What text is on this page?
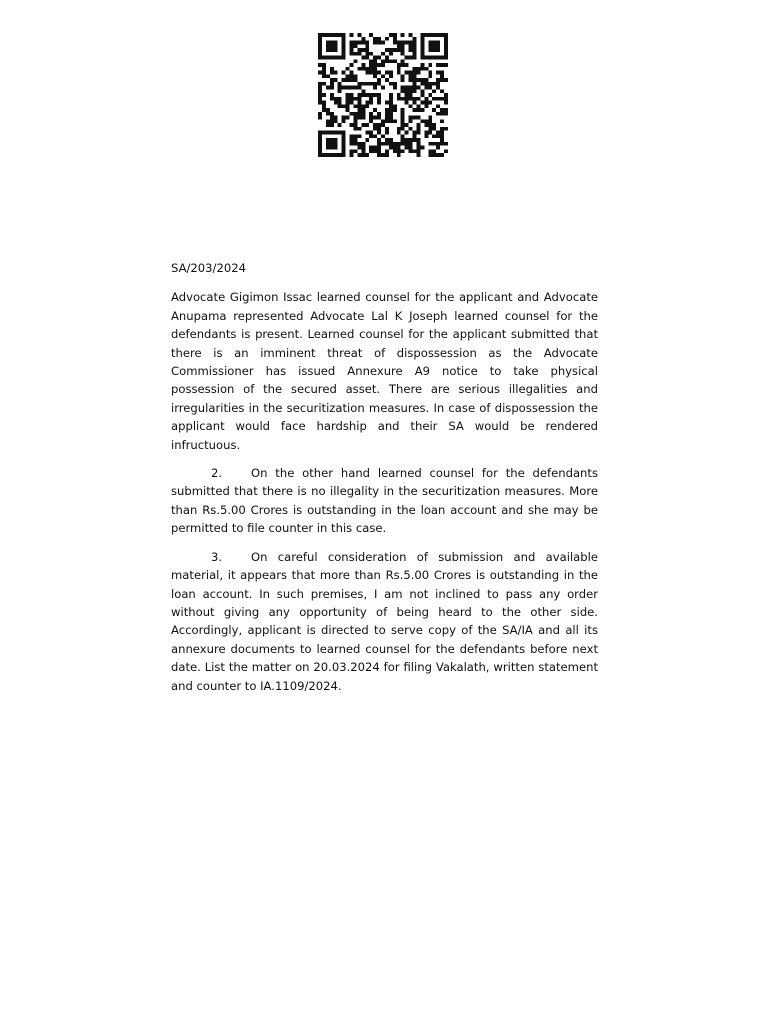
SA/203/2024

Advocate Gigimon Issac learned counsel for the applicant and Advocate Anupama represented Advocate Lal K Joseph learned counsel for the defendants is present. Learned counsel for the applicant submitted that there is an imminent threat of dispossession as the Advocate Commissioner has issued Annexure A9 notice to take physical possession of the secured asset. There are serious illegalities and irregularities in the securitization measures. In case of dispossession the applicant would face hardship and their SA would be rendered infructuous.

2. On the other hand learned counsel for the defendants submitted that there is no illegality in the securitization measures. More than Rs.5.00 Crores is outstanding in the loan account and she may be permitted to file counter in this case.

3. On careful consideration of submission and available material, it appears that more than Rs.5.00 Crores is outstanding in the loan account. In such premises, I am not inclined to pass any order without giving any opportunity of being heard to the other side. Accordingly, applicant is directed to serve copy of the SA/IA and all its annexure documents to learned counsel for the defendants before next date. List the matter on 20.03.2024 for filing Vakalath, written statement and counter to IA.1109/2024.
